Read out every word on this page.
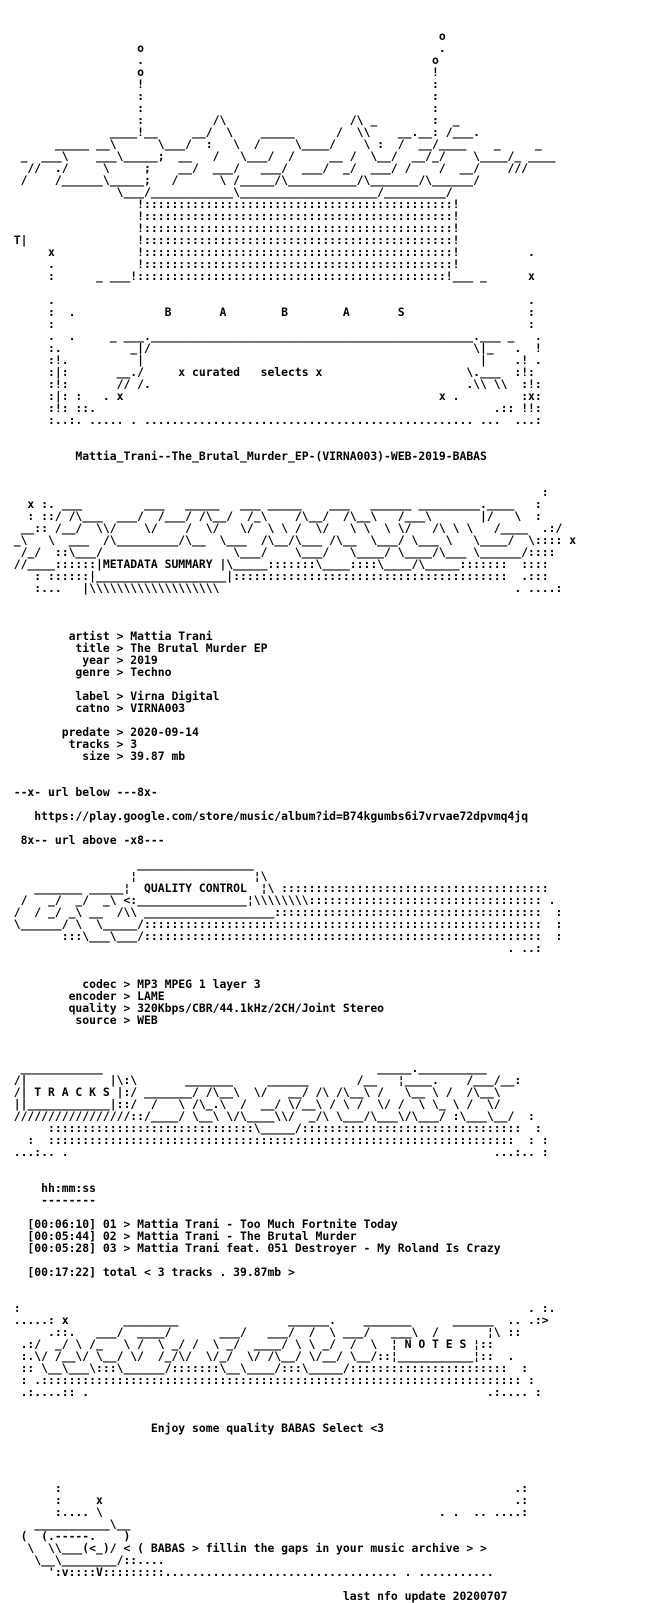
o
o                                           .
.                                          o
o                                          !
!                                          :
:                                          :
:                                          :
:          /\                  /\ _        :  _
____!__     __/  \    _____      /  \\    __.__: /___.
_____ __\      \___/  :   \  /     \____/    \ :  /  __/____    _     _
_  ___\    ___\_____;  __   /   \___/  /     __ /  \__/  __/_/    \____/_ ____
//  ./     \     ;    __/  ___/   ___/  ___/  _/  ___/ /    /  __/    ///
/    /______\_____;   /      \ /_____/\__________/\_______/\______/
\___/____________\____________________/_________/
!:::::::::::::::::::::::::::::::::::::::::::::!
!:::::::::::::::::::::::::::::::::::::::::::::!
!:::::::::::::::::::::::::::::::::::::::::::::!
T|                !:::::::::::::::::::::::::::::::::::::::::::::!
x            !:::::::::::::::::::::::::::::::::::::::::::::!          .
.            !:::::::::::::::::::::::::::::::::::::::::::::!
:      _ ___!:::::::::::::::::::::::::::::::::::::::::::::!___ _      x

.                                                                     .
:  .             B       A        B        A       S                  :
:                                                                     :
.  .     _ ___._______________________________________________.___ _   .
:.          _|/                                               \|_   .  !
:!.          |                                                 |    .! .
:|:       __./     x curated   selects x                     \.___  :!:
:!:       // /.                                              .\\ \\  :!:
:|: :   . x                                              x .         :x:
:!: ::.                                                          .:: !!:
:..:. ..... . ................................................ ...  ...:

Mattia_Trani--The_Brutal_Murder_EP-(VIRNA003)-WEB-2019-BABAS

:
x :. ___         ___   _____   ___ _____    ___   ______ _________.____   :
: ::/ /\___  ___/  /___/ /\__/  /_\    /\__/  /\__\   /___\       |/   \  :
__:: /__/  \\/    \/    /  \/   \/  \ \ /  \/   \ \  \ \/   /\ \ \   /____  .:/
_\   \  ___  /\_________/\__  \___  /\__/\___ /\__  \___/ \___ \   \____/  \:::: x
/_/  ::\___/                   \___/    \___/   \____/ \____/\___ \______/::::
//____::::::|METADATA SUMMARY |\_____:::::::\____::::\____/\_____:::::::  ::::
: ::::::|___________________|::::::::::::::::::::::::::::::::::::::::  .:::
:...   |\\\\\\\\\\\\\\\\\\\                                           . ....:

artist > Mattia Trani
title > The Brutal Murder EP
year > 2019
genre > Techno

label > Virna Digital
catno > VIRNA003

predate > 2020-09-14
tracks > 3
size > 39.87 mb

--x- url below ---8x-

https://play.google.com/store/music/album?id=B74kgumbs6i7vrvae72dpvmq4jq

8x-- url above -x8---

_________________
¦                 ¦\
_______ _____¦  QUALITY CONTROL  ¦\ :::::::::::::::::::::::::::::::::::::::
/   _/  _/  _\ <:________________¦\\\\\\\\:::::::::::::::::::::::::::::::::: .
/  / _/ _\ __  /\\ ___________________:::::::::::::::::::::::::::::::::::::::  :
\______/ \  \_____/::::::::::::::::::::::::::::::::::::::::::::::::::::::::::  :
:::\___\___/::::::::::::::::::::::::::::::::::::::::::::::::::::::::::  :
. ..:

codec > MP3 MPEG 1 layer 3
encoder > LAME
quality > 320Kbps/CBR/44.1kHz/2CH/Joint Stereo
source > WEB

____________                                        _____.__________
/|            |\:\       _______     ______       /__   ¦____.    /___/__:
/| T R A C K S |:/ _______/ /\__\  \/   __/ /\ /\__\ /   \__ \ /  /\__\
||____________|::/  /   \ /\_.\  /  __/ \/__\ / \ /  \/ /  \ \_ \ /  \/
/////////////////::/____/ \__\ \/\____\\/  _/\ \___/\___\/\___/ :\___\__/  :
::::::::::::::::::::::::::::::\_____/::::::::::::::::::::::::::::::::  :
:  ::::::::::::::::::::::::::::::::::::::::::::::::::::::::::::::::::::  : :
...:.. .                                                              ...:.. :

hh:mm:ss
--------

[00:06:10] 01 > Mattia Trani - Too Much Fortnite Today
[00:05:44] 02 > Mattia Trani - The Brutal Murder
[00:05:28] 03 > Mattia Trani feat. 051 Destroyer - My Roland Is Crazy

[00:17:22] total < 3 tracks . 39.87mb >

:                                                                          . :.
.....: x        ________                ______.    _______      ______  .. .:>
.::.   ___/  ____/       ___/   ___/  /  \ ___/   ___\  /       ¦\ ::
.:/  _/ \ /_   \ /  \ _/ /  \ _/  ____/ \ \ _/  /  \  ¦ N O T E S ¦::
:.\/ /__\/ \__/ \/  /_/\/  \/_/  \/ /\__/ \/__/ \__/::¦___________¦::  .
:: \__\___\:::\______/:::::::\__\____/:::\_____/:::::::::::::::::::::::  :
: .:::::::::::::::::::::::::::::::::::::::::::::::::::::::::::::::::::::: :
.:....:: .                                                          .:.... :

Enjoy some quality BABAS Select <3

:                                                                  .:
:     x                                                            .:
:.... \                                                 . .  .. ....:
___________\__
(  (.-----.    )
\  \\___(<_)/ < ( BABAS > fillin the gaps in your music archive > >
\__\________/::....
':v::::V:::::::::.................................. . ...........

last nfo update 20200707
